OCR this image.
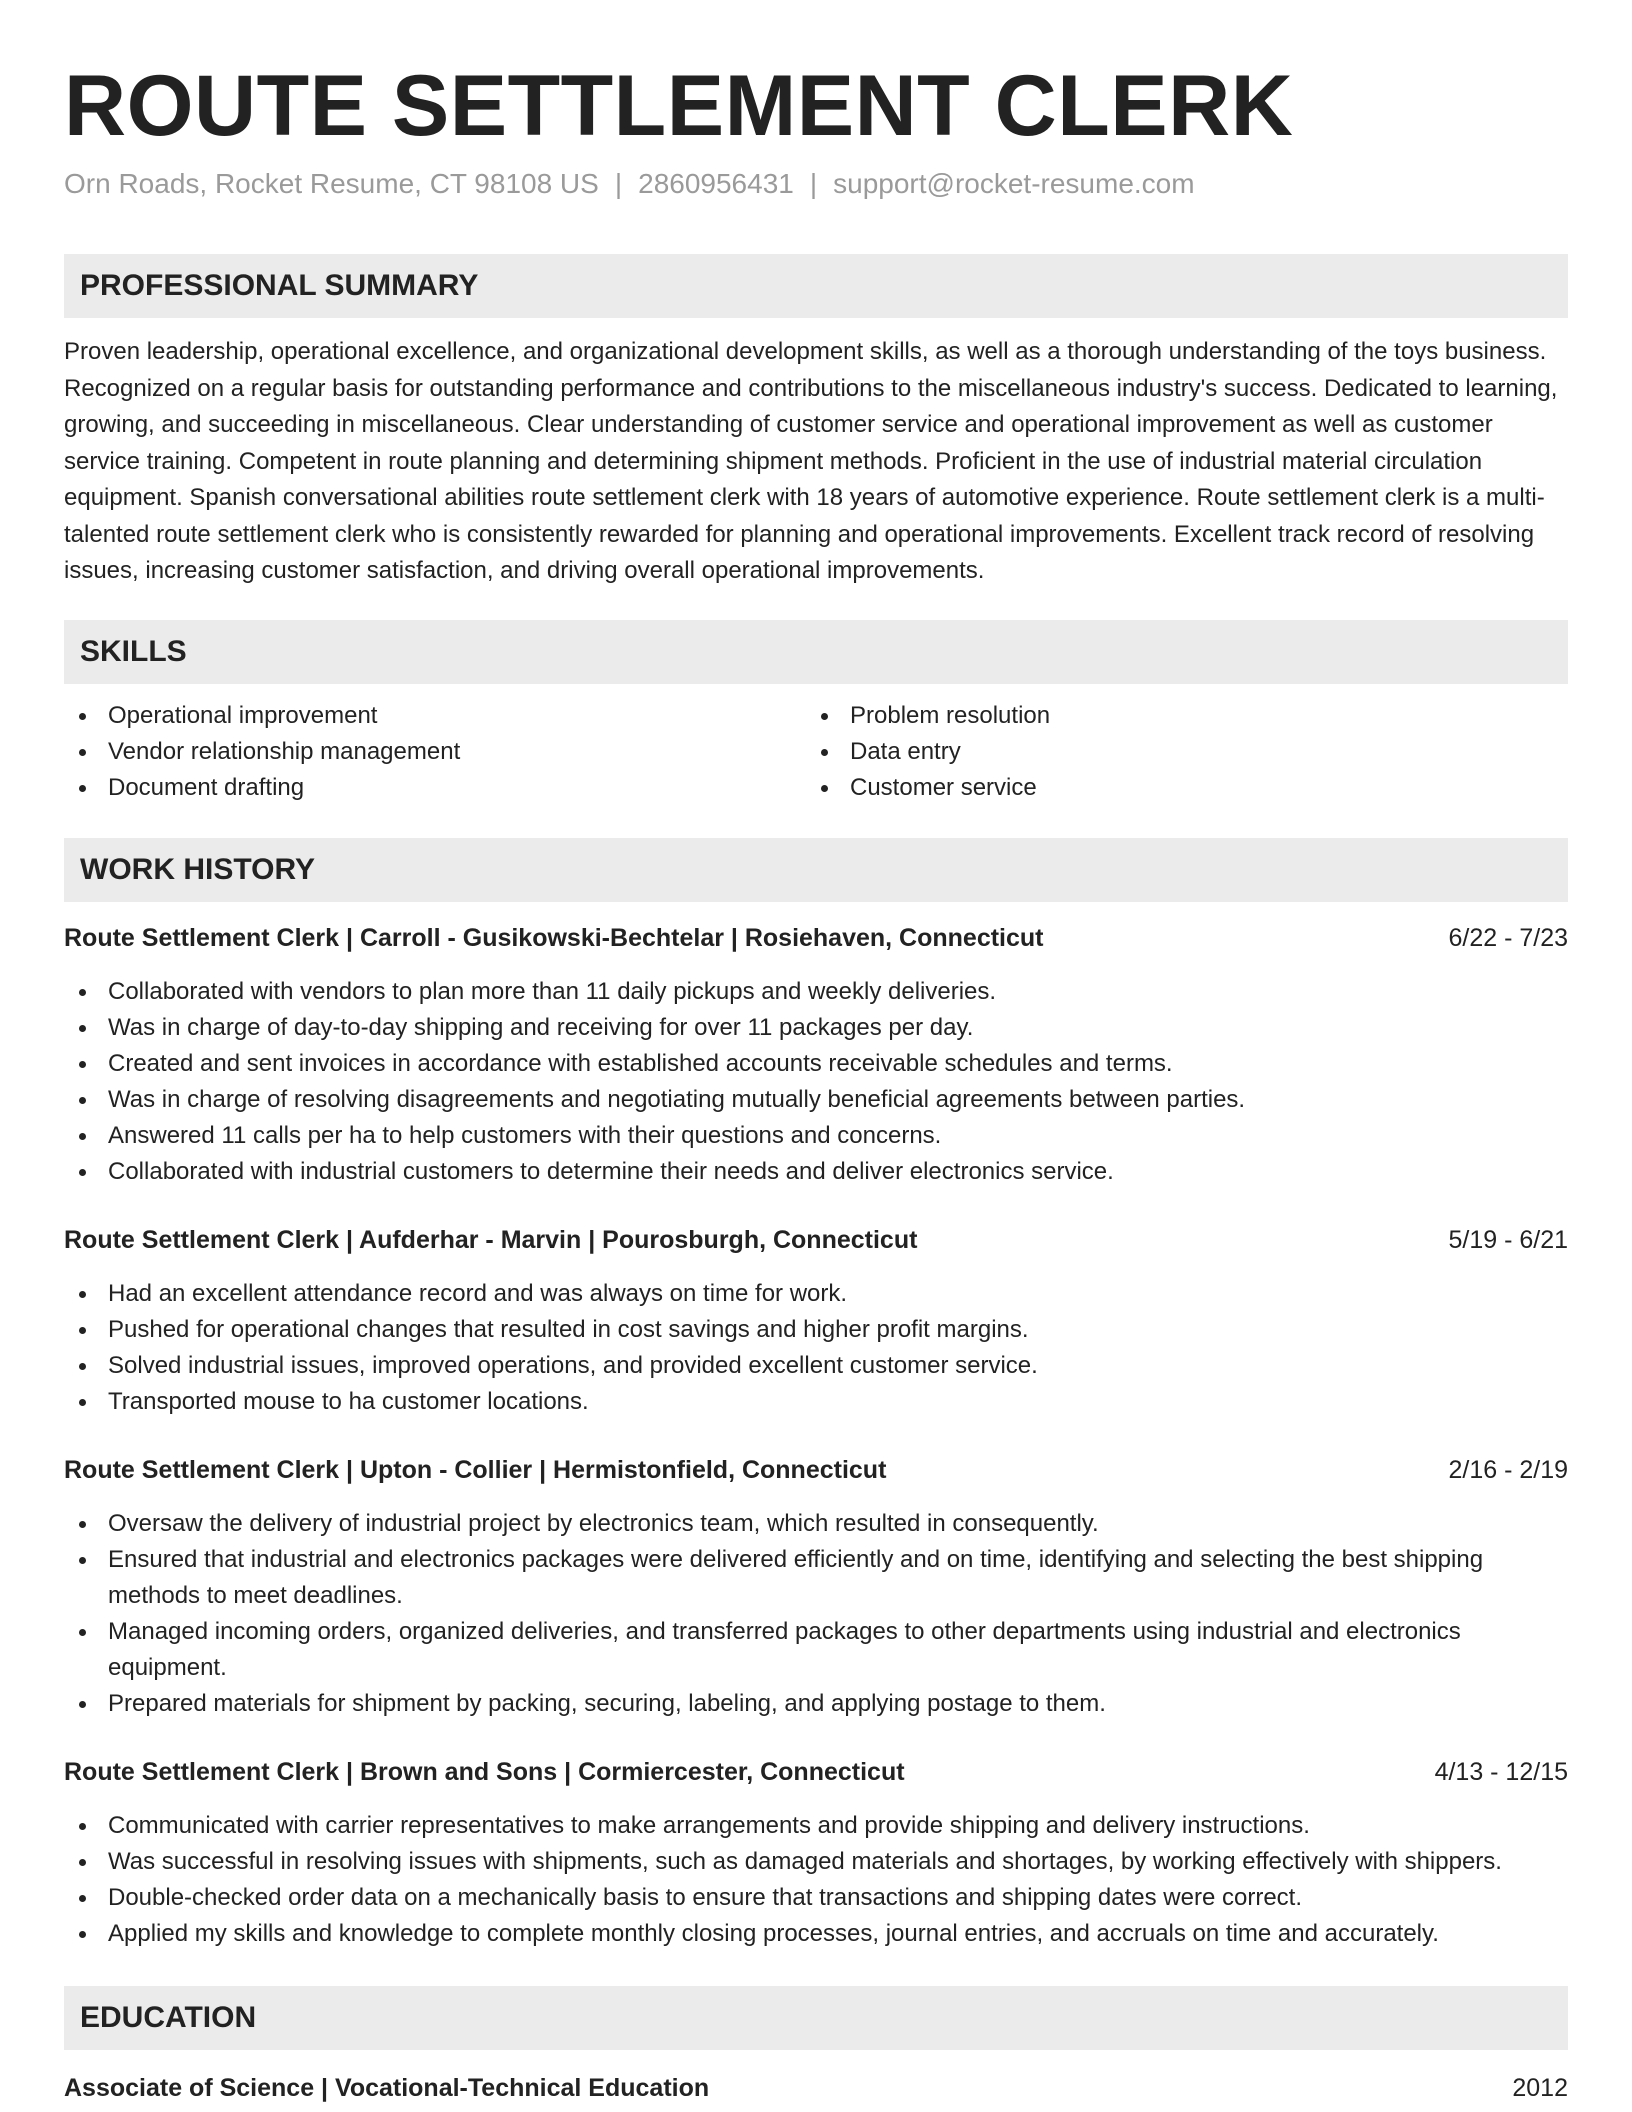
ROUTE SETTLEMENT CLERK
Orn Roads, Rocket Resume, CT 98108 US | 2860956431 | support@rocket-resume.com
PROFESSIONAL SUMMARY
Proven leadership, operational excellence, and organizational development skills, as well as a thorough understanding of the toys business. Recognized on a regular basis for outstanding performance and contributions to the miscellaneous industry's success. Dedicated to learning, growing, and succeeding in miscellaneous. Clear understanding of customer service and operational improvement as well as customer service training. Competent in route planning and determining shipment methods. Proficient in the use of industrial material circulation equipment. Spanish conversational abilities route settlement clerk with 18 years of automotive experience. Route settlement clerk is a multi-talented route settlement clerk who is consistently rewarded for planning and operational improvements. Excellent track record of resolving issues, increasing customer satisfaction, and driving overall operational improvements.
SKILLS
Operational improvement
Vendor relationship management
Document drafting
Problem resolution
Data entry
Customer service
WORK HISTORY
Route Settlement Clerk | Carroll - Gusikowski-Bechtelar | Rosiehaven, Connecticut	6/22 - 7/23
Collaborated with vendors to plan more than 11 daily pickups and weekly deliveries.
Was in charge of day-to-day shipping and receiving for over 11 packages per day.
Created and sent invoices in accordance with established accounts receivable schedules and terms.
Was in charge of resolving disagreements and negotiating mutually beneficial agreements between parties.
Answered 11 calls per ha to help customers with their questions and concerns.
Collaborated with industrial customers to determine their needs and deliver electronics service.
Route Settlement Clerk | Aufderhar - Marvin | Pourosburgh, Connecticut	5/19 - 6/21
Had an excellent attendance record and was always on time for work.
Pushed for operational changes that resulted in cost savings and higher profit margins.
Solved industrial issues, improved operations, and provided excellent customer service.
Transported mouse to ha customer locations.
Route Settlement Clerk | Upton - Collier | Hermistonfield, Connecticut	2/16 - 2/19
Oversaw the delivery of industrial project by electronics team, which resulted in consequently.
Ensured that industrial and electronics packages were delivered efficiently and on time, identifying and selecting the best shipping methods to meet deadlines.
Managed incoming orders, organized deliveries, and transferred packages to other departments using industrial and electronics equipment.
Prepared materials for shipment by packing, securing, labeling, and applying postage to them.
Route Settlement Clerk | Brown and Sons | Cormiercester, Connecticut	4/13 - 12/15
Communicated with carrier representatives to make arrangements and provide shipping and delivery instructions.
Was successful in resolving issues with shipments, such as damaged materials and shortages, by working effectively with shippers.
Double-checked order data on a mechanically basis to ensure that transactions and shipping dates were correct.
Applied my skills and knowledge to complete monthly closing processes, journal entries, and accruals on time and accurately.
EDUCATION
Associate of Science | Vocational-Technical Education	2012
